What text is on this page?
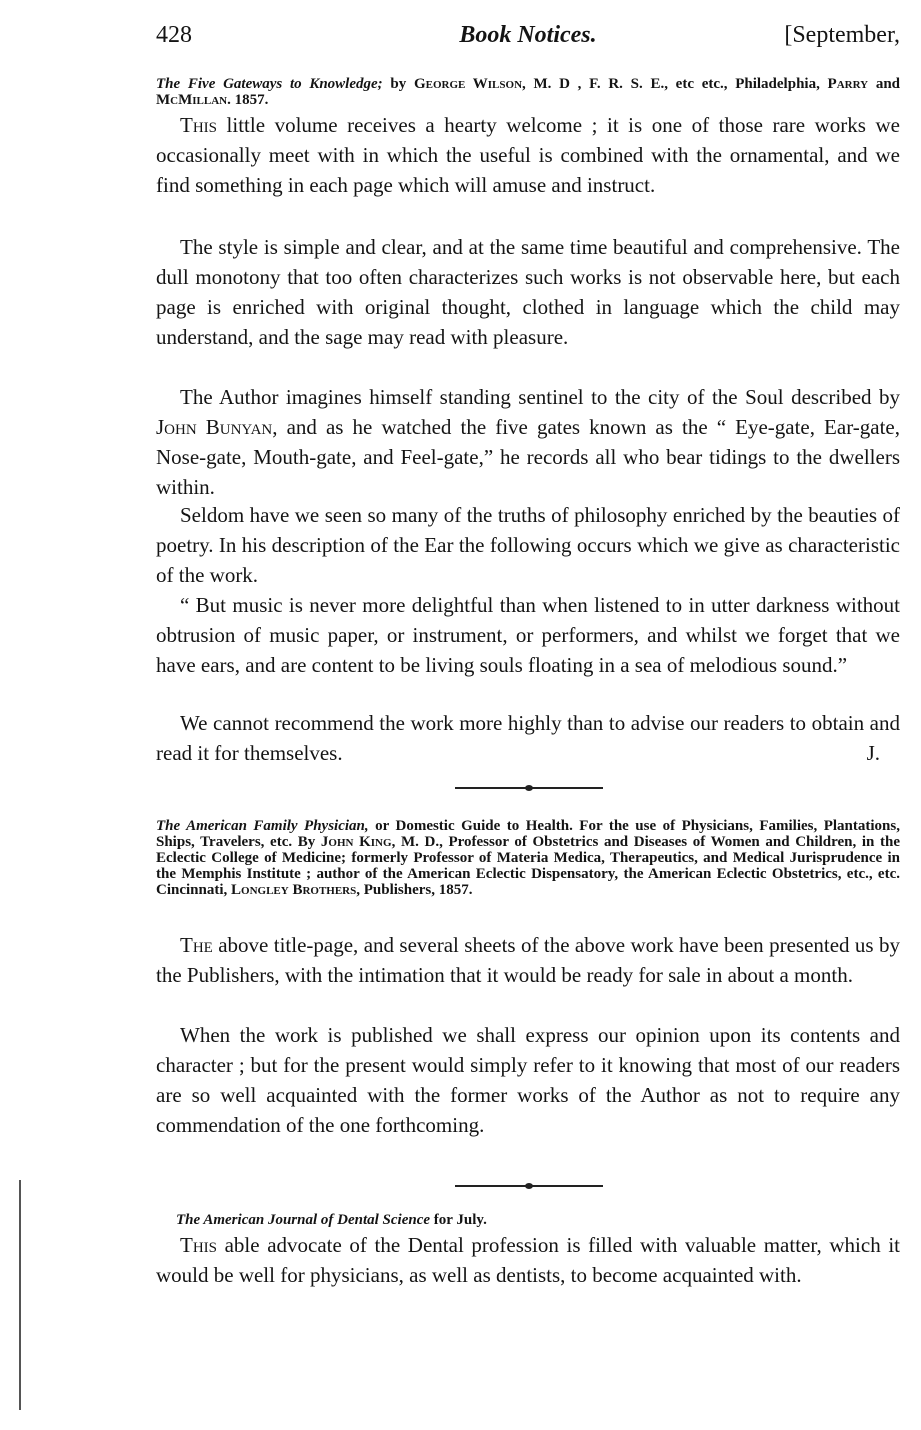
428	Book Notices.	[September,
The Five Gateways to Knowledge; by George Wilson, M. D , F. R. S. E., etc etc., Philadelphia, Parry and McMillan. 1857.

This little volume receives a hearty welcome ; it is one of those rare works we occasionally meet with in which the useful is combined with the ornamental, and we find something in each page which will amuse and instruct.

The style is simple and clear, and at the same time beautiful and comprehensive. The dull monotony that too often characterizes such works is not observable here, but each page is enriched with original thought, clothed in language which the child may understand, and the sage may read with pleasure.

The Author imagines himself standing sentinel to the city of the Soul described by John Bunyan, and as he watched the five gates known as the “ Eye-gate, Ear-gate, Nose-gate, Mouth-gate, and Feel-gate,” he records all who bear tidings to the dwellers within.

Seldom have we seen so many of the truths of philosophy enriched by the beauties of poetry. In his description of the Ear the following occurs which we give as characteristic of the work.

“ But music is never more delightful than when listened to in utter darkness without obtrusion of music paper, or instrument, or performers, and whilst we forget that we have ears, and are content to be living souls floating in a sea of melodious sound.”

We cannot recommend the work more highly than to advise our readers to obtain and read it for themselves.	J.

The American Family Physician, or Domestic Guide to Health. For the use of Physicians, Families, Plantations, Ships, Travelers, etc. By John King, M. D., Professor of Obstetrics and Diseases of Women and Children, in the Eclectic College of Medicine; formerly Professor of Materia Medica, Therapeutics, and Medical Jurisprudence in the Memphis Institute ; author of the American Eclectic Dispensatory, the American Eclectic Obstetrics, etc., etc. Cincinnati, Longley Brothers, Publishers, 1857.

The above title-page, and several sheets of the above work have been presented us by the Publishers, with the intimation that it would be ready for sale in about a month.

When the work is published we shall express our opinion upon its contents and character ; but for the present would simply refer to it knowing that most of our readers are so well acquainted with the former works of the Author as not to require any commendation of the one forthcoming.

The American Journal of Dental Science for July.

This able advocate of the Dental profession is filled with valuable matter, which it would be well for physicians, as well as dentists, to become acquainted with.
